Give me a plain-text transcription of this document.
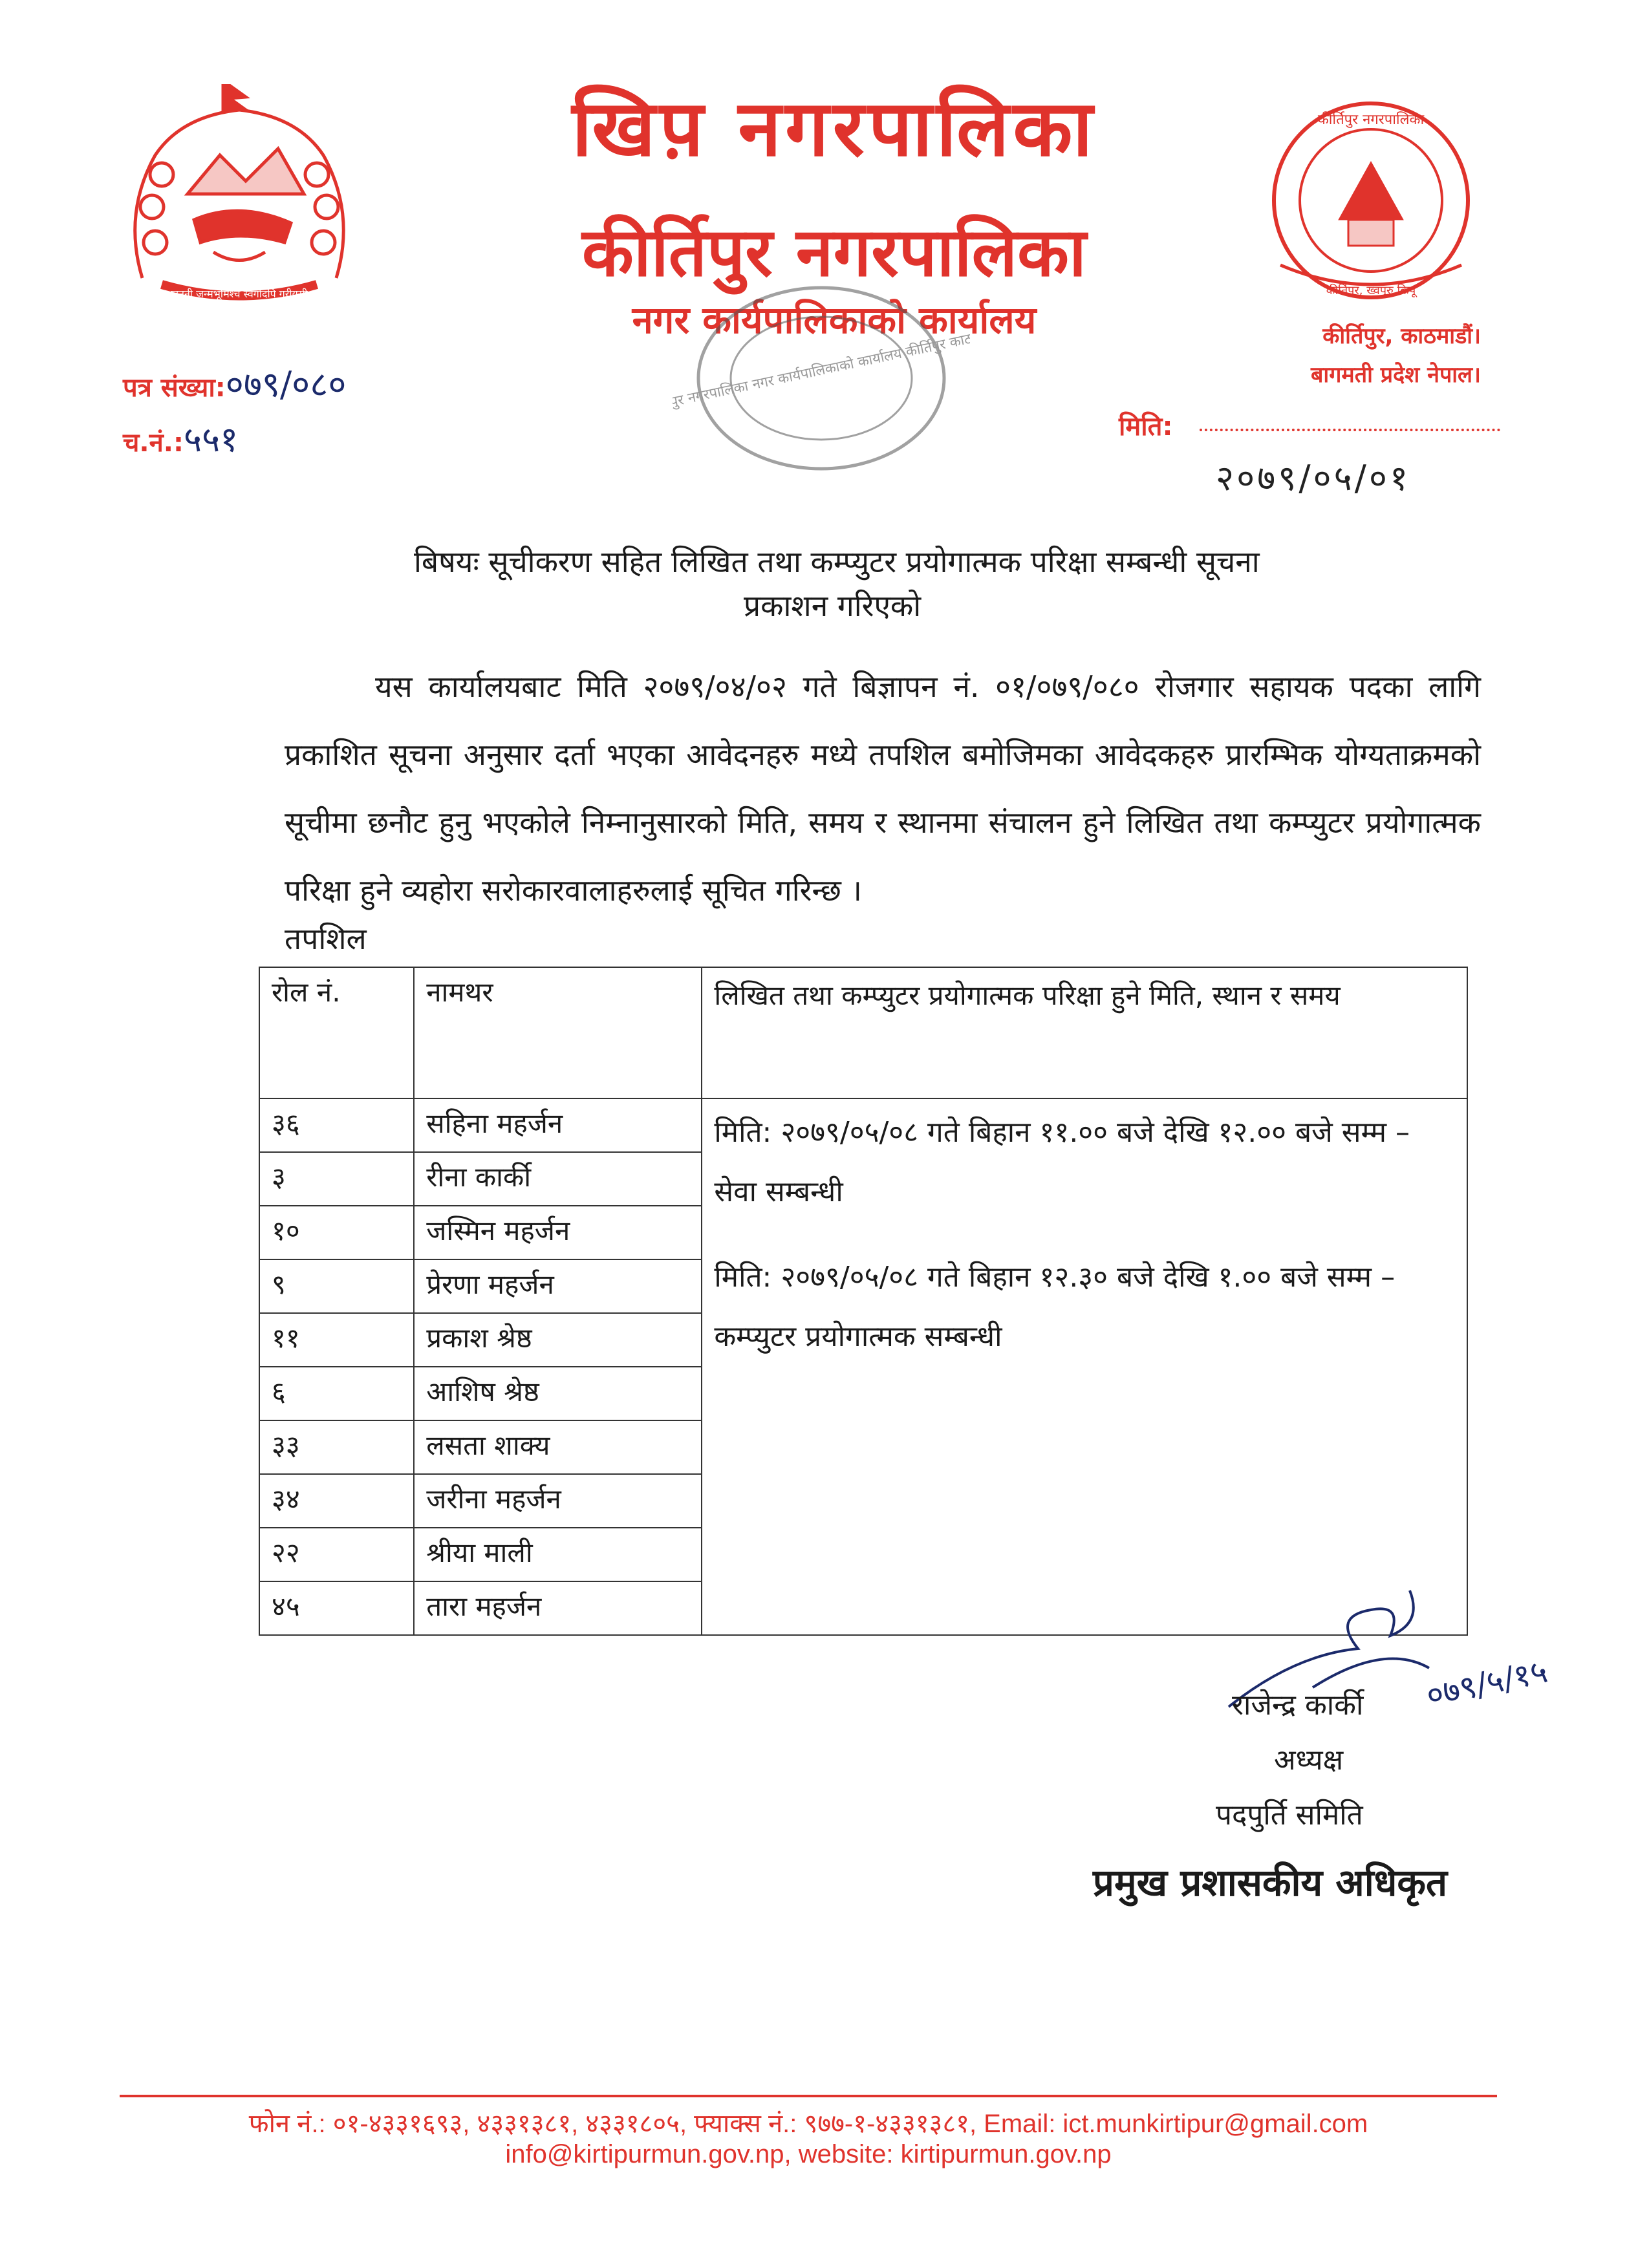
जननी जन्मभूमिश्च स्वर्गादपि गरीयसी
खिप़ नगरपालिका
कीर्तिपुर नगरपालिका
नगर कार्यपालिकाको कार्यालय
कीर्तिपुर नगरपालिका
कीर्तिपुर, ख्वपुरु किपू
कीर्तिपुर, काठमाडौं।
बागमती प्रदेश नेपाल।
कीर्तिपुर नगरपालिका नगर कार्यपालिकाको कार्यालय कीर्तिपुर काठमाडौं
पत्र संख्या:०७९/०८०
च.नं.:५५१	मिति:
२०७९/०५/०१
बिषयः सूचीकरण सहित लिखित तथा कम्प्युटर प्रयोगात्मक परिक्षा सम्बन्धी सूचना
प्रकाशन गरिएको
यस कार्यालयबाट मिति २०७९/०४/०२ गते बिज्ञापन नं. ०१/०७९/०८० रोजगार सहायक पदका लागि प्रकाशित सूचना अनुसार दर्ता भएका आवेदनहरु मध्ये तपशिल बमोजिमका आवेदकहरु प्रारम्भिक योग्यताक्रमको सूचीमा छनौट हुनु भएकोले निम्नानुसारको मिति, समय र स्थानमा संचालन हुने लिखित तथा कम्प्युटर प्रयोगात्मक परिक्षा हुने व्यहोरा सरोकारवालाहरुलाई सूचित गरिन्छ ।
तपशिल
रोल नं.	नामथर	लिखित तथा कम्प्युटर प्रयोगात्मक परिक्षा हुने मिति, स्थान र समय
३६	सहिना महर्जन	मिति: २०७९/०५/०८ गते बिहान ११.०० बजे देखि १२.०० बजे सम्म – सेवा सम्बन्धी

मिति: २०७९/०५/०८ गते बिहान १२.३० बजे देखि १.०० बजे सम्म – कम्प्युटर प्रयोगात्मक सम्बन्धी

३	रीना कार्की	
१०	जस्मिन महर्जन	
९	प्रेरणा महर्जन	
११	प्रकाश श्रेष्ठ	
६	आशिष श्रेष्ठ	
३३	लसता शाक्य	
३४	जरीना महर्जन	
२२	श्रीया माली	
४५	तारा महर्जन	
०७९/५/१५
राजेन्द्र कार्की
अध्यक्ष
पदपुर्ति समिति
प्रमुख प्रशासकीय अधिकृत
फोन नं.: ०१-४३३१६९३, ४३३१३८१, ४३३१८०५, फ्याक्स नं.: ९७७-१-४३३१३८१, Email: ict.munkirtipur@gmail.com
info@kirtipurmun.gov.np, website: kirtipurmun.gov.np
